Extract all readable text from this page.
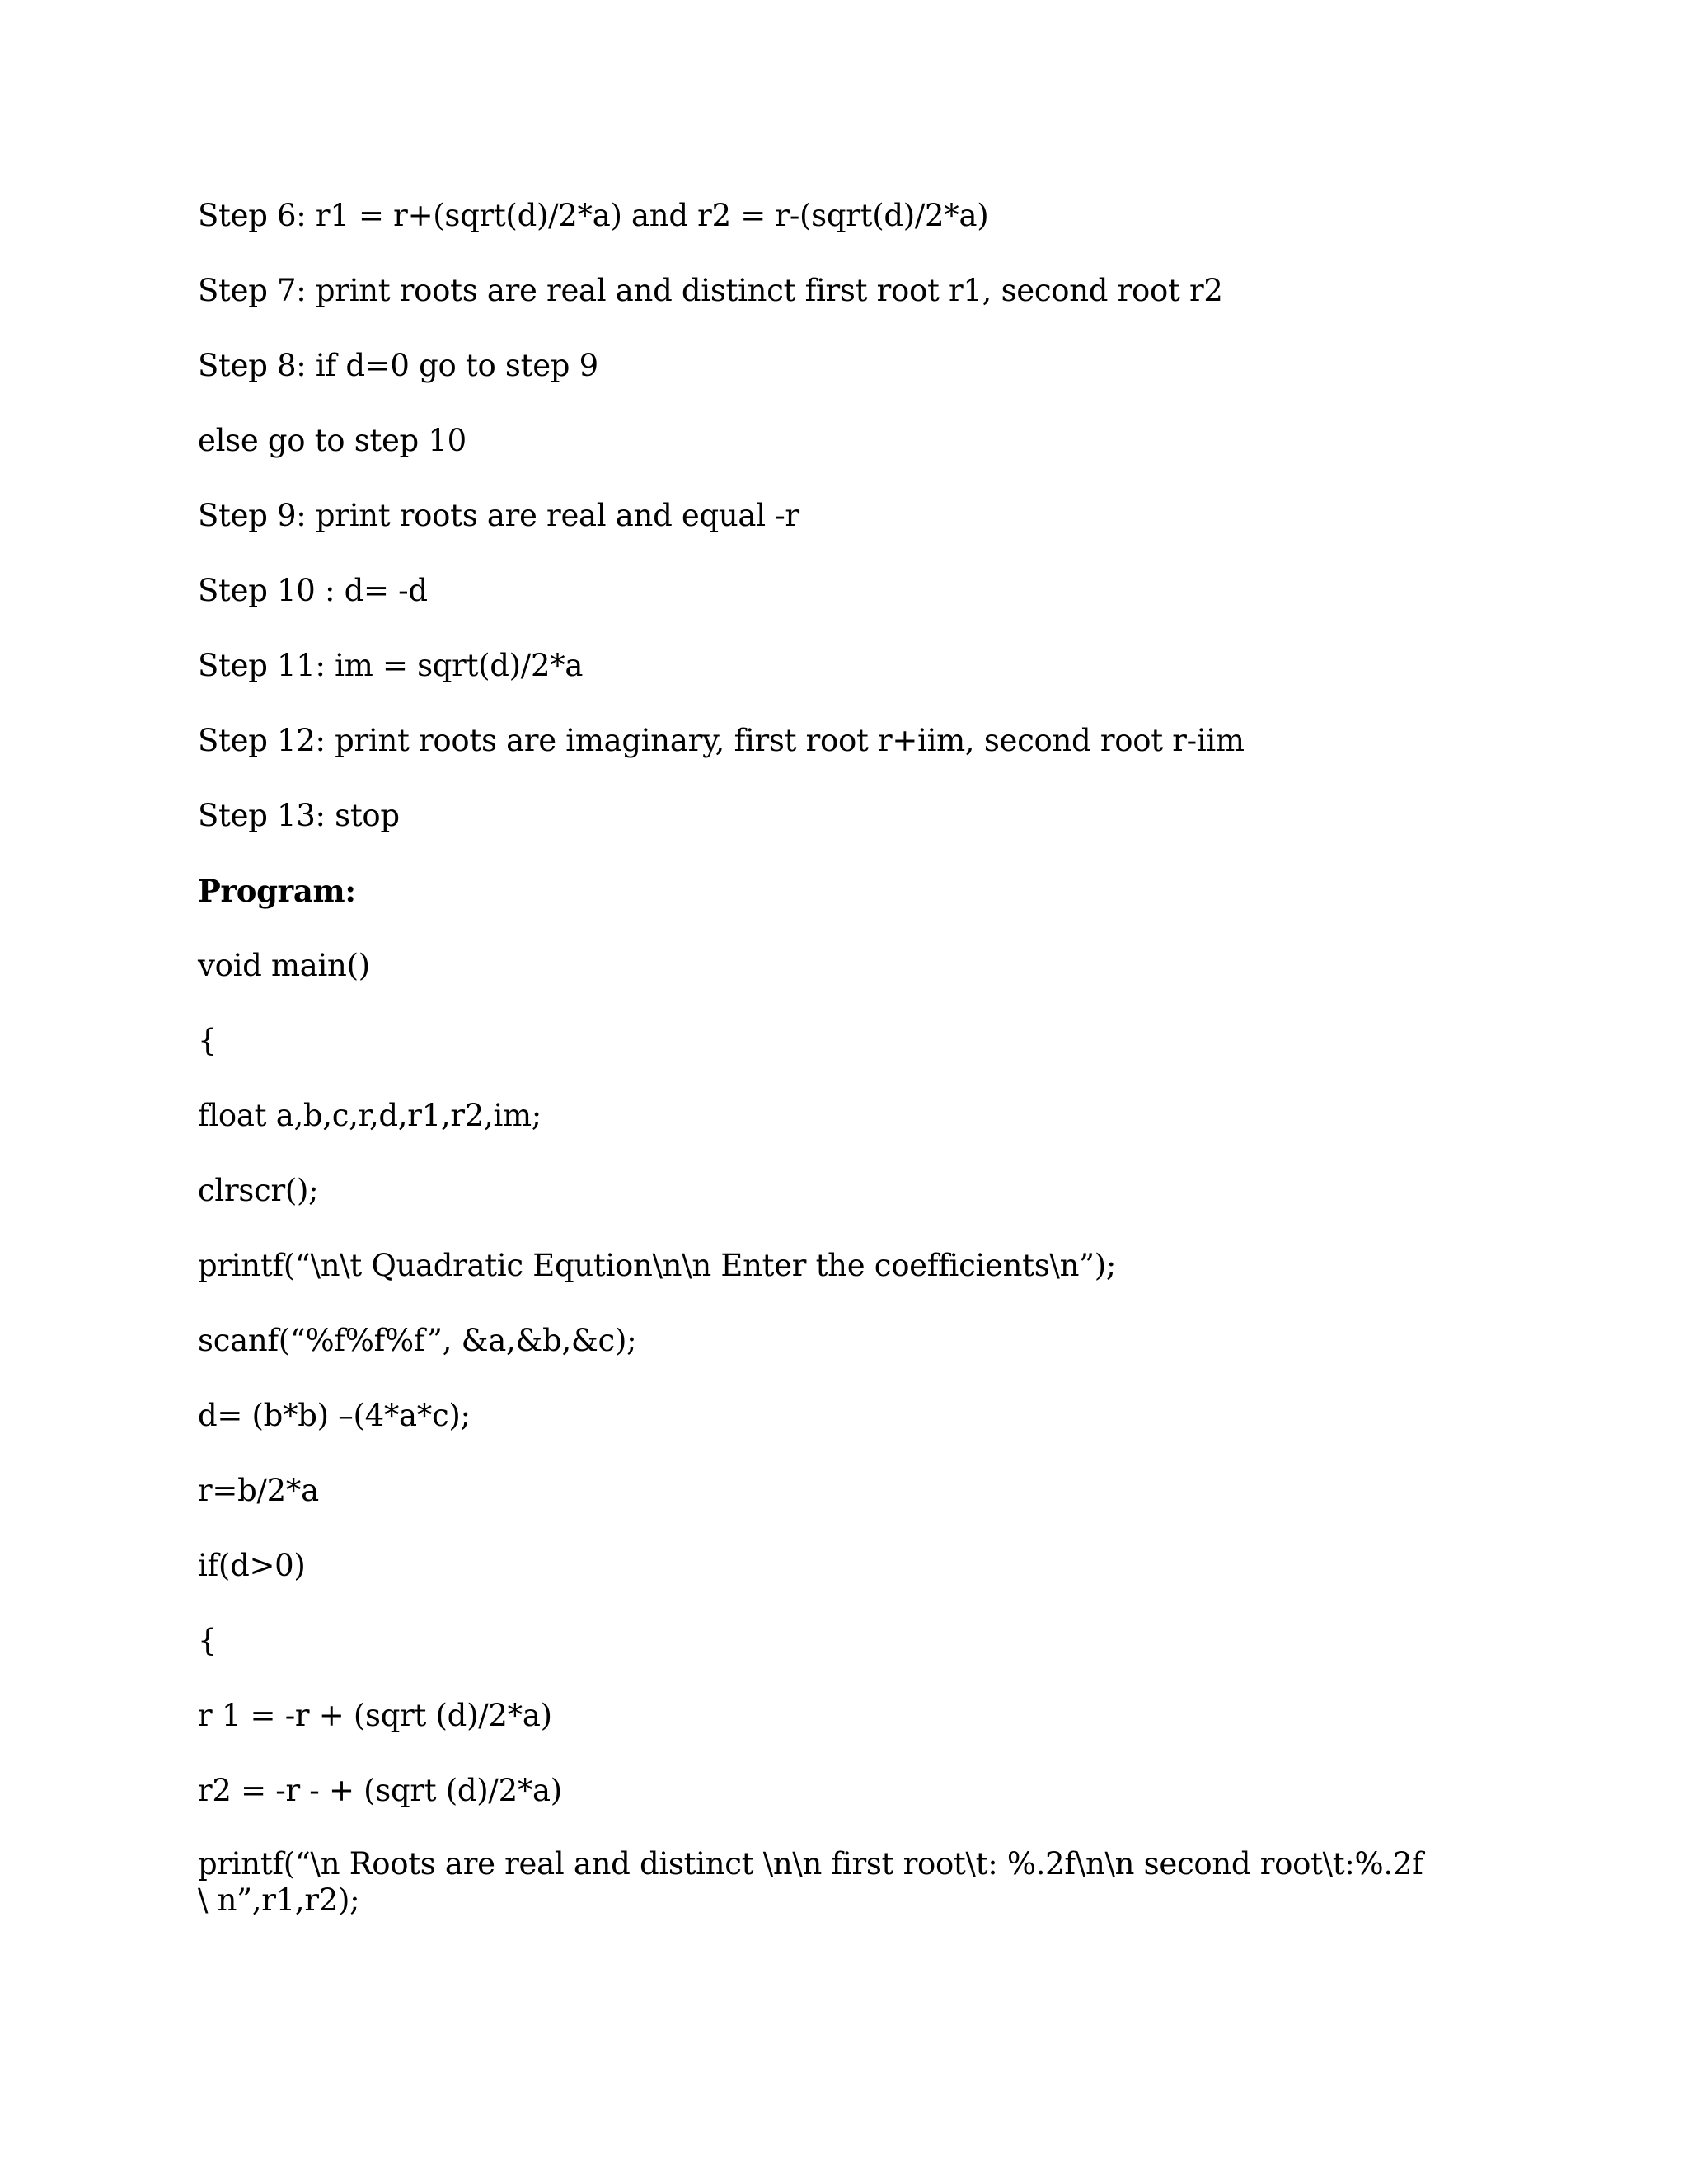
Step 6: r1 = r+(sqrt(d)/2*a) and r2 = r-(sqrt(d)/2*a)

Step 7: print roots are real and distinct first root r1, second root r2

Step 8: if d=0 go to step 9

else go to step 10

Step 9: print roots are real and equal -r

Step 10 : d= -d

Step 11: im = sqrt(d)/2*a

Step 12: print roots are imaginary, first root r+iim, second root r-iim

Step 13: stop

Program:

void main()

{

float a,b,c,r,d,r1,r2,im;

clrscr();

printf(“\n\t Quadratic Eqution\n\n Enter the coefficients\n”);

scanf(“%f%f%f”, &a,&b,&c);

d= (b*b) –(4*a*c);

r=b/2*a

if(d>0)

{

r 1 = -r + (sqrt (d)/2*a)

r2 = -r - + (sqrt (d)/2*a)

printf(“\n Roots are real and distinct \n\n first root\t: %.2f\n\n second root\t:%.2f \ n”,r1,r2);
